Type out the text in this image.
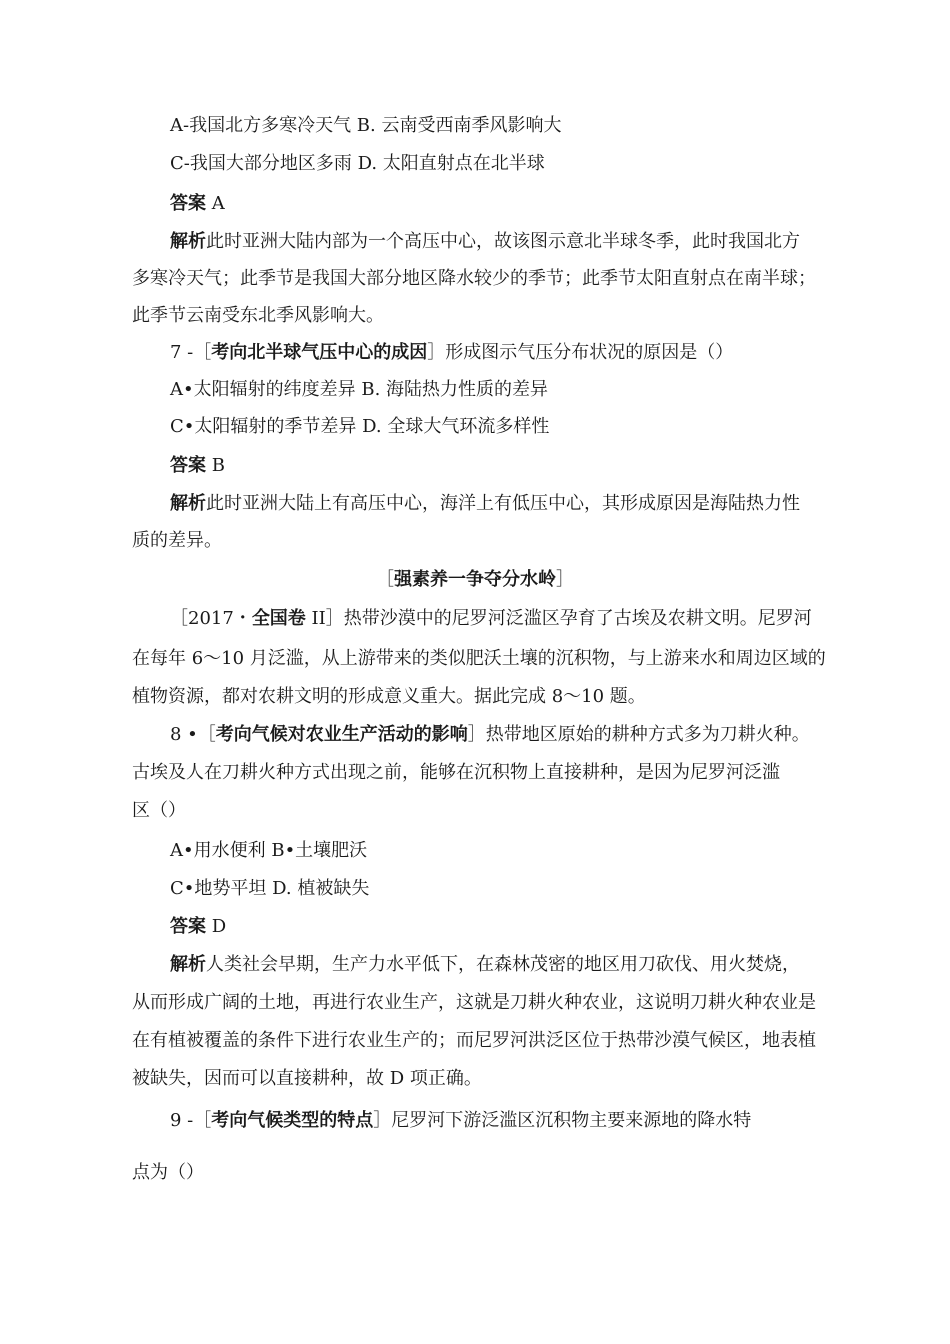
A-我国北方多寒冷天气 B. 云南受西南季风影响大
C-我国大部分地区多雨 D. 太阳直射点在北半球
答案 A
解析此时亚洲大陆内部为一个高压中心，故该图示意北半球冬季，此时我国北方
多寒冷天气；此季节是我国大部分地区降水较少的季节；此季节太阳直射点在南半球；
此季节云南受东北季风影响大。
7 -［考向北半球气压中心的成因］形成图示气压分布状况的原因是（）
A•太阳辐射的纬度差异 B. 海陆热力性质的差异
C•太阳辐射的季节差异 D. 全球大气环流多样性
答案 B
解析此时亚洲大陆上有高压中心，海洋上有低压中心，其形成原因是海陆热力性
质的差异。
［强素养一争夺分水岭］
［2017・全国卷 II］热带沙漠中的尼罗河泛滥区孕育了古埃及农耕文明。尼罗河
在每年 6〜10 月泛滥，从上游带来的类似肥沃土壤的沉积物，与上游来水和周边区域的
植物资源，都对农耕文明的形成意义重大。据此完成 8〜10 题。
8 •［考向气候对农业生产活动的影响］热带地区原始的耕种方式多为刀耕火种。
古埃及人在刀耕火种方式出现之前，能够在沉积物上直接耕种，是因为尼罗河泛滥
区（）
A•用水便利 B•土壤肥沃
C•地势平坦 D. 植被缺失
答案 D
解析人类社会早期，生产力水平低下，在森林茂密的地区用刀砍伐、用火焚烧，
从而形成广阔的土地，再进行农业生产，这就是刀耕火种农业，这说明刀耕火种农业是
在有植被覆盖的条件下进行农业生产的；而尼罗河洪泛区位于热带沙漠气候区，地表植
被缺失，因而可以直接耕种，故 D 项正确。
9 -［考向气候类型的特点］尼罗河下游泛滥区沉积物主要来源地的降水特
点为（）
